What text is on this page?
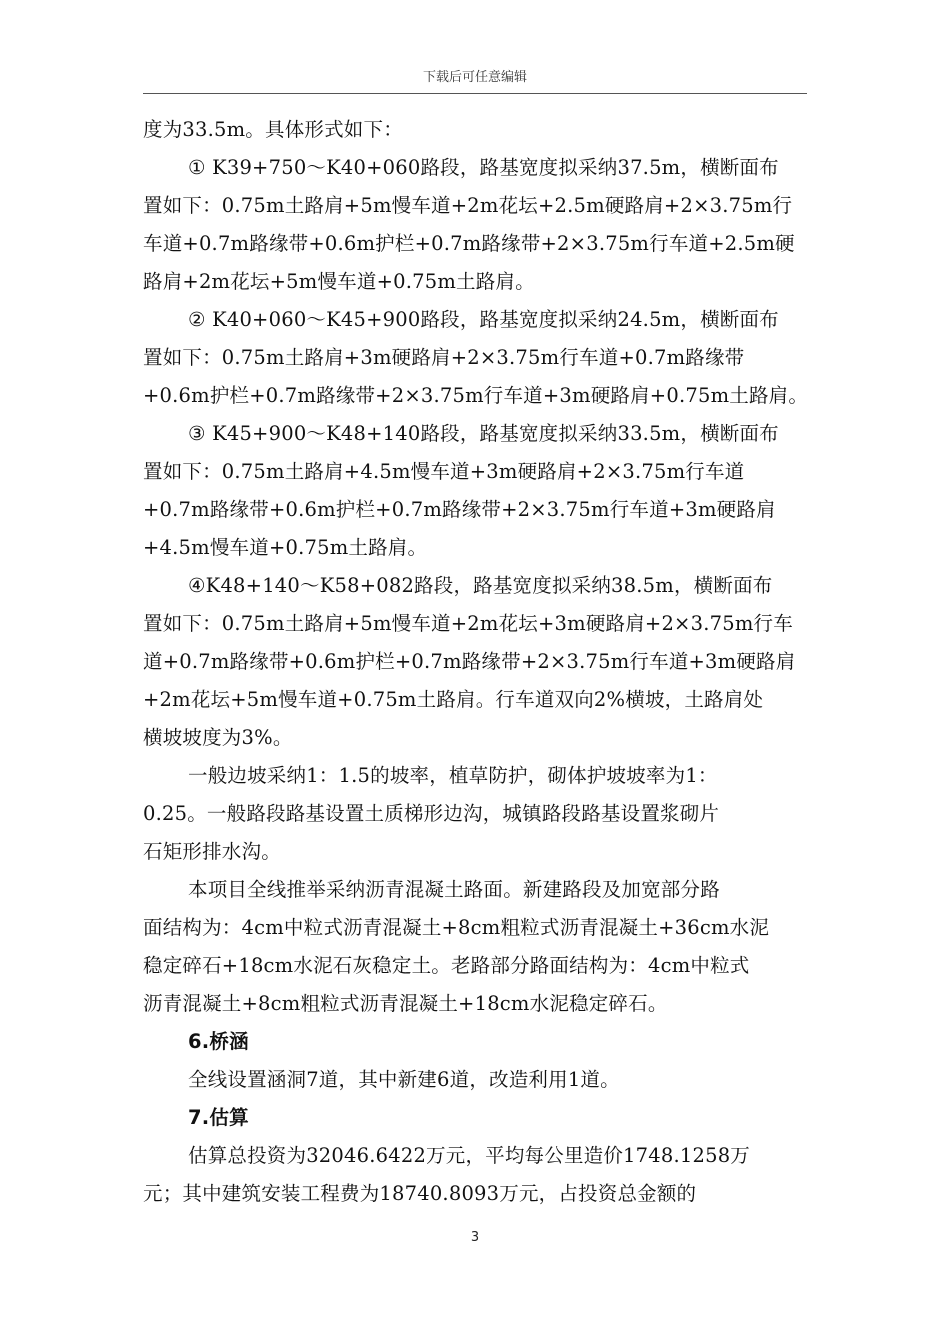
下载后可任意编辑
度为33.5m。具体形式如下：
① K39+750～K40+060路段，路基宽度拟采纳37.5m，横断面布
置如下：0.75m土路肩+5m慢车道+2m花坛+2.5m硬路肩+2×3.75m行
车道+0.7m路缘带+0.6m护栏+0.7m路缘带+2×3.75m行车道+2.5m硬
路肩+2m花坛+5m慢车道+0.75m土路肩。
② K40+060～K45+900路段，路基宽度拟采纳24.5m，横断面布
置如下：0.75m土路肩+3m硬路肩+2×3.75m行车道+0.7m路缘带
+0.6m护栏+0.7m路缘带+2×3.75m行车道+3m硬路肩+0.75m土路肩。
③ K45+900～K48+140路段，路基宽度拟采纳33.5m，横断面布
置如下：0.75m土路肩+4.5m慢车道+3m硬路肩+2×3.75m行车道
+0.7m路缘带+0.6m护栏+0.7m路缘带+2×3.75m行车道+3m硬路肩
+4.5m慢车道+0.75m土路肩。
④K48+140～K58+082路段，路基宽度拟采纳38.5m，横断面布
置如下：0.75m土路肩+5m慢车道+2m花坛+3m硬路肩+2×3.75m行车
道+0.7m路缘带+0.6m护栏+0.7m路缘带+2×3.75m行车道+3m硬路肩
+2m花坛+5m慢车道+0.75m土路肩。行车道双向2%横坡，土路肩处
横坡坡度为3%。
一般边坡采纳1：1.5的坡率，植草防护，砌体护坡坡率为1：
0.25。一般路段路基设置土质梯形边沟，城镇路段路基设置浆砌片
石矩形排水沟。
本项目全线推举采纳沥青混凝土路面。新建路段及加宽部分路
面结构为：4cm中粒式沥青混凝土+8cm粗粒式沥青混凝土+36cm水泥
稳定碎石+18cm水泥石灰稳定土。老路部分路面结构为：4cm中粒式
沥青混凝土+8cm粗粒式沥青混凝土+18cm水泥稳定碎石。
6.桥涵
全线设置涵洞7道，其中新建6道，改造利用1道。
7.估算
估算总投资为32046.6422万元，平均每公里造价1748.1258万
元；其中建筑安装工程费为18740.8093万元，占投资总金额的
3
